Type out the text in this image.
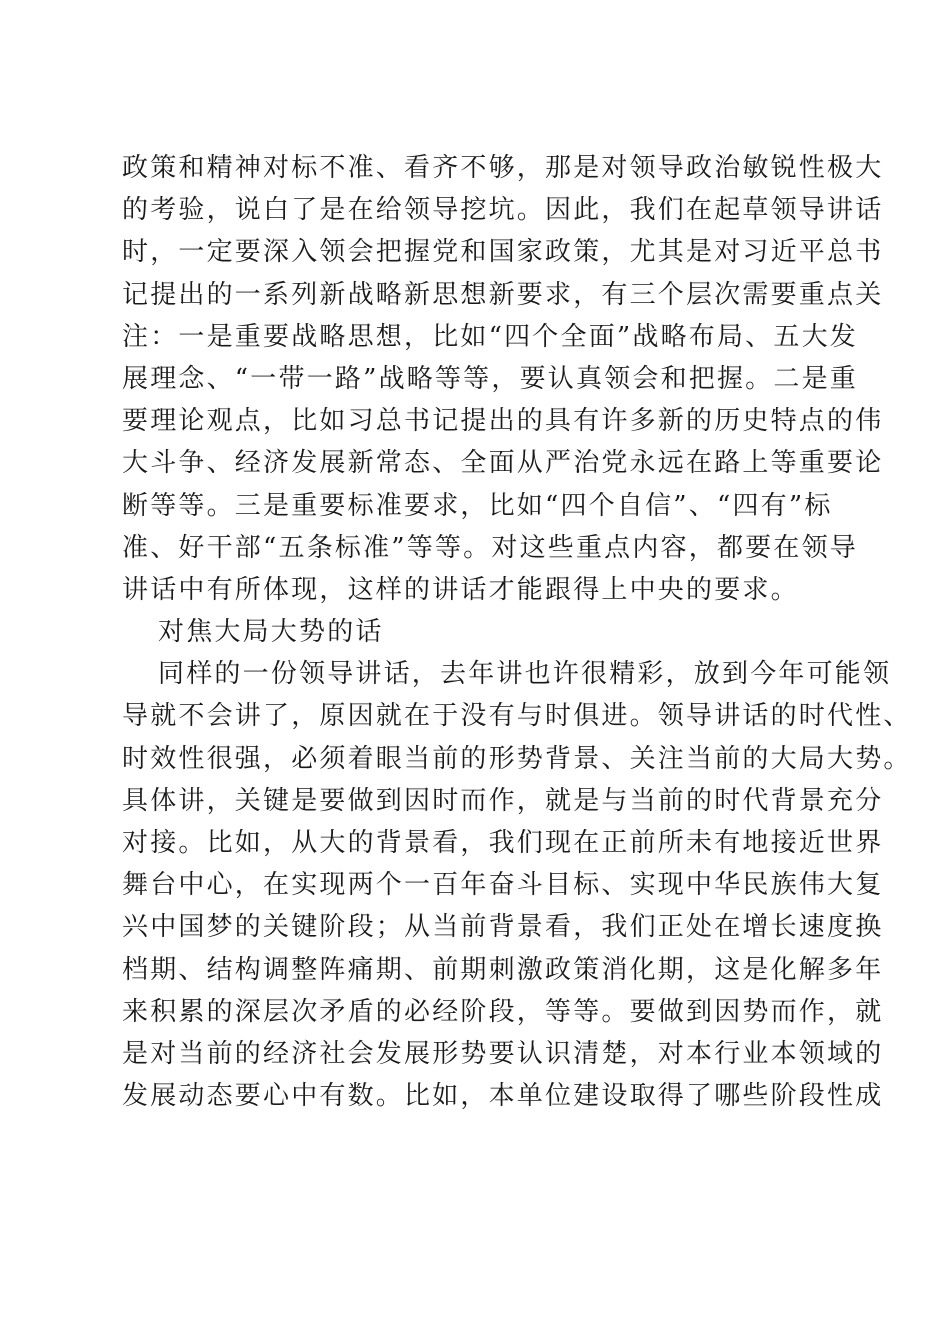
政策和精神对标不准、看齐不够，那是对领导政治敏锐性极大
的考验，说白了是在给领导挖坑。因此，我们在起草领导讲话
时，一定要深入领会把握党和国家政策，尤其是对习近平总书
记提出的一系列新战略新思想新要求，有三个层次需要重点关
注：一是重要战略思想，比如“四个全面”战略布局、五大发
展理念、“一带一路”战略等等，要认真领会和把握。二是重
要理论观点，比如习总书记提出的具有许多新的历史特点的伟
大斗争、经济发展新常态、全面从严治党永远在路上等重要论
断等等。三是重要标准要求，比如“四个自信”、“四有”标
准、好干部“五条标准”等等。对这些重点内容，都要在领导
讲话中有所体现，这样的讲话才能跟得上中央的要求。
对焦大局大势的话
同样的一份领导讲话，去年讲也许很精彩，放到今年可能领
导就不会讲了，原因就在于没有与时俱进。领导讲话的时代性、
时效性很强，必须着眼当前的形势背景、关注当前的大局大势。
具体讲，关键是要做到因时而作，就是与当前的时代背景充分
对接。比如，从大的背景看，我们现在正前所未有地接近世界
舞台中心，在实现两个一百年奋斗目标、实现中华民族伟大复
兴中国梦的关键阶段；从当前背景看，我们正处在增长速度换
档期、结构调整阵痛期、前期刺激政策消化期，这是化解多年
来积累的深层次矛盾的必经阶段，等等。要做到因势而作，就
是对当前的经济社会发展形势要认识清楚，对本行业本领域的
发展动态要心中有数。比如，本单位建设取得了哪些阶段性成
